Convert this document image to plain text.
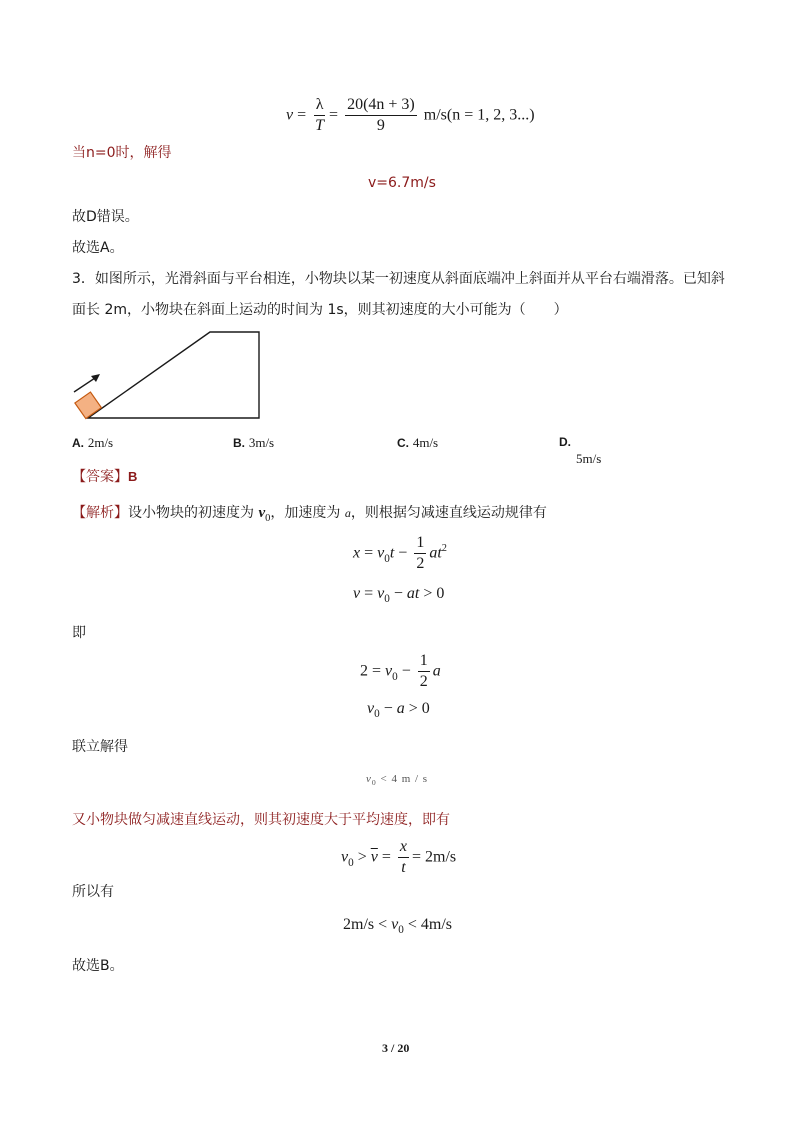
$v = \frac{\lambda}{T} = \frac{20(4n + 3)}{9} m/s(n = 1$, 2, 3...)
当n=0时，解得
v=6.7m/s
故D错误。
故选A。
3．如图所示，光滑斜面与平台相连，小物块以某一初速度从斜面底端冲上斜面并从平台右端滑落。已知斜
面长 2m，小物块在斜面上运动的时间为 1s，则其初速度的大小可能为（　　）
A. 2m/s	B. 3m/s	C. 4m/s	D.
5m/s
【答案】B
【解析】设小物块的初速度为 $v_0$，加速度为 a，则根据匀减速直线运动规律有
$x = v_0t - \frac{1}{2} at^2$
$v = v_0$ − at > 0
即
$2 = v_0 - \frac{1}{2}$ a
$v_0 - a > 0$
联立解得
$v_0 < 4$ m / s
又小物块做匀减速直线运动，则其初速度大于平均速度，即有
$v_0 > \overline{v} = \frac{x}{t} = 2m/s$
所以有
$2m/s < v_0 < 4m/s$
故选B。
3 / 20
